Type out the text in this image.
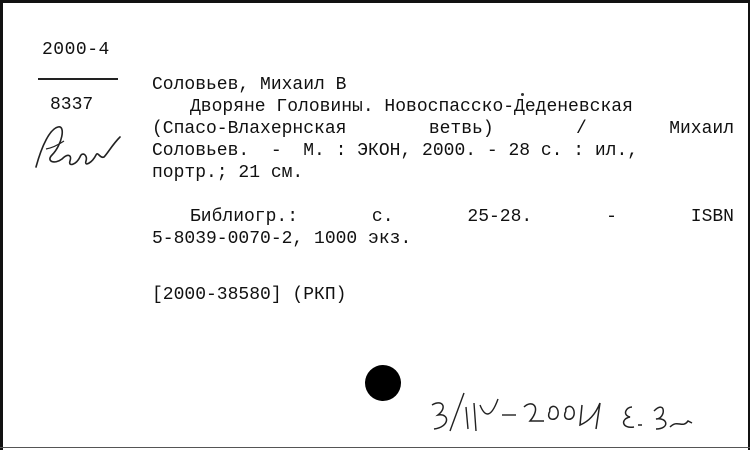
2000-4
8337
Соловьев, Михаил В
Дворяне Головины. Новоспасско-Деденевская
(Спасо-Влахернская	ветвь)	/	Михаил
Соловьев.  -  М. : ЭКОН, 2000. - 28 с. : ил.,
портр.; 21 см.
Библиогр.:	с.	25-28.	-	ISBN
5-8039-0070-2, 1000 экз.
[2000-38580] (РКП)
